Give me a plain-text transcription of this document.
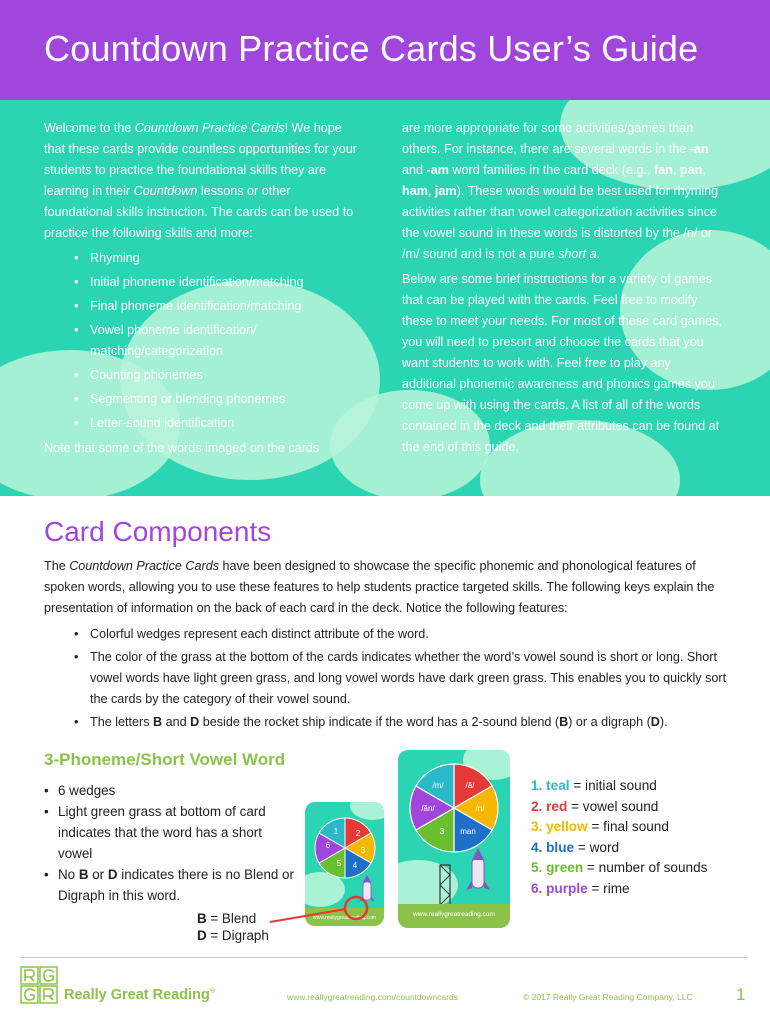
Countdown Practice Cards User’s Guide

Welcome to the Countdown Practice Cards! We hope that these cards provide countless opportunities for your students to practice the foundational skills they are learning in their Countdown lessons or other foundational skills instruction. The cards can be used to practice the following skills and more:

• Rhyming
• Initial phoneme identification/matching
• Final phoneme identification/matching
• Vowel phoneme identification/ matching/categorization
• Counting phonemes
• Segmenting or blending phonemes
• Letter-sound identification

Note that some of the words imaged on the cards

are more appropriate for some activities/games than others. For instance, there are several words in the -an and -am word families in the card deck (e.g., fan, pan, ham, jam). These words would be best used for rhyming activities rather than vowel categorization activities since the vowel sound in these words is distorted by the /n/ or /m/ sound and is not a pure short a.

Below are some brief instructions for a variety of games that can be played with the cards. Feel free to modify these to meet your needs. For most of these card games, you will need to presort and choose the cards that you want students to work with. Feel free to play any additional phonemic awareness and phonics games you come up with using the cards. A list of all of the words contained in the deck and their attributes can be found at the end of this guide.

Card Components

The Countdown Practice Cards have been designed to showcase the specific phonemic and phonological features of spoken words, allowing you to use these features to help students practice targeted skills. The following keys explain the presentation of information on the back of each card in the deck. Notice the following features:

• Colorful wedges represent each distinct attribute of the word.
• The color of the grass at the bottom of the cards indicates whether the word’s vowel sound is short or long. Short vowel words have light green grass, and long vowel words have dark green grass. This enables you to quickly sort the cards by the category of their vowel sound.
• The letters B and D beside the rocket ship indicate if the word has a 2-sound blend (B) or a digraph (D).
3-Phoneme/Short Vowel Word
• 6 wedges
• Light green grass at bottom of card indicates that the word has a short vowel
• No B or D indicates there is no Blend or Digraph in this word.
B = Blend
D = Digraph
1 2
3
4
5
6
www.reallygreatreading.com
/m/	/ă/
/n/
man
3
/ăn/
www.reallygreatreading.com
1. teal = initial sound
2. red = vowel sound
3. yellow = final sound
4. blue = word
5. green = number of sounds
6. purple = rime
Really Great Reading®
www.reallygreatreading.com/countdowncards	© 2017 Really Great Reading Company, LLC	1
